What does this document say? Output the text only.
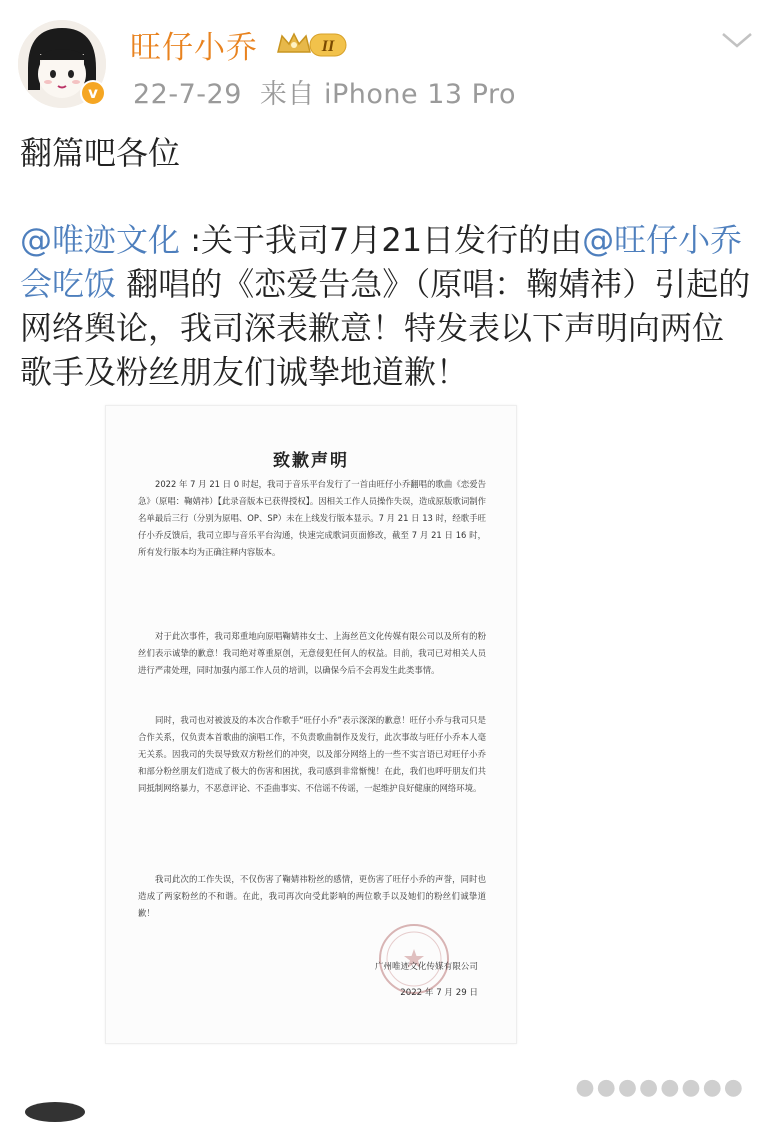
v
旺仔小乔	II
22-7-29 来自 iPhone 13 Pro
翻篇吧各位
@唯迹文化 :关于我司7月21日发行的由@旺仔小乔会吃饭 翻唱的《恋爱告急》（原唱：鞠婧祎）引起的网络舆论，我司深表歉意！特发表以下声明向两位歌手及粉丝朋友们诚挚地道歉！
致歉声明
2022 年 7 月 21 日 0 时起，我司于音乐平台发行了一首由旺仔小乔翻唱的歌曲《恋爱告急》（原唱：鞠婧祎）【此录音版本已获得授权】。因相关工作人员操作失误，造成原版歌词制作名单最后三行（分别为原唱、OP、SP）未在上线发行版本显示。7 月 21 日 13 时，经歌手旺仔小乔反馈后，我司立即与音乐平台沟通，快速完成歌词页面修改，截至 7 月 21 日 16 时，所有发行版本均为正确注释内容版本。
对于此次事件，我司郑重地向原唱鞠婧祎女士、上海丝芭文化传媒有限公司以及所有的粉丝们表示诚挚的歉意！我司绝对尊重原创，无意侵犯任何人的权益。目前，我司已对相关人员进行严肃处理，同时加强内部工作人员的培训，以确保今后不会再发生此类事情。
同时，我司也对被波及的本次合作歌手“旺仔小乔”表示深深的歉意！旺仔小乔与我司只是合作关系，仅负责本首歌曲的演唱工作，不负责歌曲制作及发行，此次事故与旺仔小乔本人毫无关系。因我司的失误导致双方粉丝们的冲突，以及部分网络上的一些不实言语已对旺仔小乔和部分粉丝朋友们造成了极大的伤害和困扰，我司感到非常惭愧！在此，我们也呼吁朋友们共同抵制网络暴力，不恶意评论、不歪曲事实、不信谣不传谣，一起维护良好健康的网络环境。
我司此次的工作失误，不仅伤害了鞠婧祎粉丝的感情，更伤害了旺仔小乔的声誉，同时也造成了两家粉丝的不和谐。在此，我司再次向受此影响的两位歌手以及她们的粉丝们诚挚道歉！
广州唯迹文化传媒有限公司
2022 年 7 月 29 日
●●●●●●●●
